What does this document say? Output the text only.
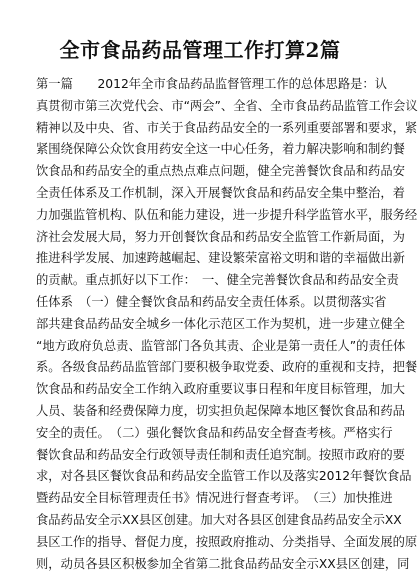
全市食品药品管理工作打算2篇
第一篇　　2012年全市食品药品监督管理工作的总体思路是：认
真贯彻市第三次党代会、市“两会”、全省、全市食品药品监管工作会议
精神以及中央、省、市关于食品药品安全的一系列重要部署和要求，紧
紧围绕保障公众饮食用药安全这一中心任务，着力解决影响和制约餐
饮食品和药品安全的重点热点难点问题，健全完善餐饮食品和药品安
全责任体系及工作机制，深入开展餐饮食品和药品安全集中整治，着
力加强监管机构、队伍和能力建设，进一步提升科学监管水平，服务经
济社会发展大局，努力开创餐饮食品和药品安全监管工作新局面，为
推进科学发展、加速跨越崛起、建设繁荣富裕文明和谐的幸福做出新
的贡献。重点抓好以下工作：　一、健全完善餐饮食品和药品安全责
任体系　（一）健全餐饮食品和药品安全责任体系。以贯彻落实省
部共建食品药品安全城乡一体化示范区工作为契机，进一步建立健全
“地方政府负总责、监管部门各负其责、企业是第一责任人”的责任体
系。各级食品药品监管部门要积极争取党委、政府的重视和支持，把餐
饮食品和药品安全工作纳入政府重要议事日程和年度目标管理，加大
人员、装备和经费保障力度，切实担负起保障本地区餐饮食品和药品
安全的责任。　（二）强化餐饮食品和药品安全督查考核。严格实行
餐饮食品和药品安全行政领导责任制和责任追究制。按照市政府的要
求，对各县区餐饮食品和药品安全监管工作以及落实2012年餐饮食品
暨药品安全目标管理责任书》情况进行督查考评。　（三）加快推进
食品药品安全示XX县区创建。加大对各县区创建食品药品安全示XX
县区工作的指导、督促力度，按照政府推动、分类指导、全面发展的原
则，动员各县区积极参加全省第二批食品药品安全示XX县区创建，同
